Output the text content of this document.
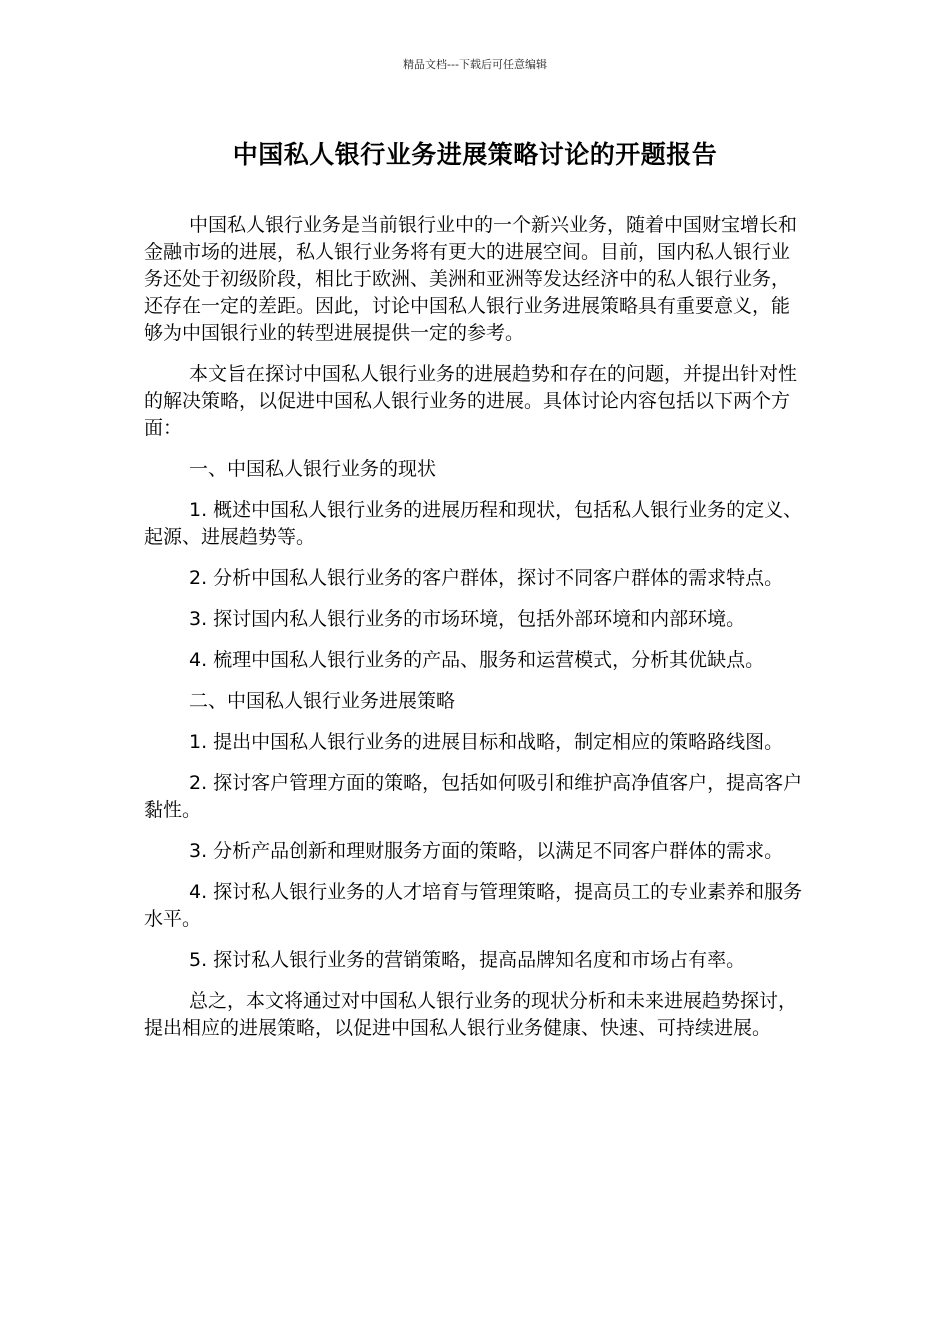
精品文档---下载后可任意编辑
中国私人银行业务进展策略讨论的开题报告

中国私人银行业务是当前银行业中的一个新兴业务，随着中国财宝增长和金融市场的进展，私人银行业务将有更大的进展空间。目前，国内私人银行业务还处于初级阶段，相比于欧洲、美洲和亚洲等发达经济中的私人银行业务，还存在一定的差距。因此，讨论中国私人银行业务进展策略具有重要意义，能够为中国银行业的转型进展提供一定的参考。

本文旨在探讨中国私人银行业务的进展趋势和存在的问题，并提出针对性的解决策略，以促进中国私人银行业务的进展。具体讨论内容包括以下两个方面：

一、中国私人银行业务的现状

1. 概述中国私人银行业务的进展历程和现状，包括私人银行业务的定义、起源、进展趋势等。

2. 分析中国私人银行业务的客户群体，探讨不同客户群体的需求特点。

3. 探讨国内私人银行业务的市场环境，包括外部环境和内部环境。

4. 梳理中国私人银行业务的产品、服务和运营模式，分析其优缺点。

二、中国私人银行业务进展策略

1. 提出中国私人银行业务的进展目标和战略，制定相应的策略路线图。

2. 探讨客户管理方面的策略，包括如何吸引和维护高净值客户，提高客户黏性。

3. 分析产品创新和理财服务方面的策略，以满足不同客户群体的需求。

4. 探讨私人银行业务的人才培育与管理策略，提高员工的专业素养和服务水平。

5. 探讨私人银行业务的营销策略，提高品牌知名度和市场占有率。

总之，本文将通过对中国私人银行业务的现状分析和未来进展趋势探讨，提出相应的进展策略，以促进中国私人银行业务健康、快速、可持续进展。
